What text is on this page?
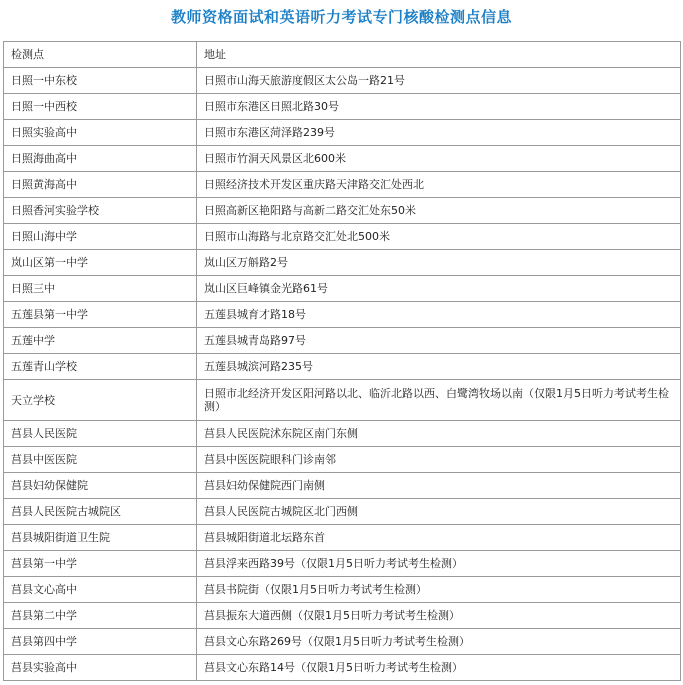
教师资格面试和英语听力考试专门核酸检测点信息
检测点	地址
日照一中东校	日照市山海天旅游度假区太公岛一路21号
日照一中西校	日照市东港区日照北路30号
日照实验高中	日照市东港区菏泽路239号
日照海曲高中	日照市竹洞天风景区北600米
日照黄海高中	日照经济技术开发区重庆路天津路交汇处西北
日照香河实验学校	日照高新区艳阳路与高新二路交汇处东50米
日照山海中学	日照市山海路与北京路交汇处北500米
岚山区第一中学	岚山区万斛路2号
日照三中	岚山区巨峰镇金光路61号
五莲县第一中学	五莲县城育才路18号
五莲中学	五莲县城青岛路97号
五莲青山学校	五莲县城滨河路235号
天立学校	日照市北经济开发区阳河路以北、临沂北路以西、白鹭湾牧场以南（仅限1月5日听力考试考生检测）
莒县人民医院	莒县人民医院沭东院区南门东侧
莒县中医医院	莒县中医医院眼科门诊南邻
莒县妇幼保健院	莒县妇幼保健院西门南侧
莒县人民医院古城院区	莒县人民医院古城院区北门西侧
莒县城阳街道卫生院	莒县城阳街道北坛路东首
莒县第一中学	莒县浮来西路39号（仅限1月5日听力考试考生检测）
莒县文心高中	莒县书院街（仅限1月5日听力考试考生检测）
莒县第二中学	莒县振东大道西侧（仅限1月5日听力考试考生检测）
莒县第四中学	莒县文心东路269号（仅限1月5日听力考试考生检测）
莒县实验高中	莒县文心东路14号（仅限1月5日听力考试考生检测）
